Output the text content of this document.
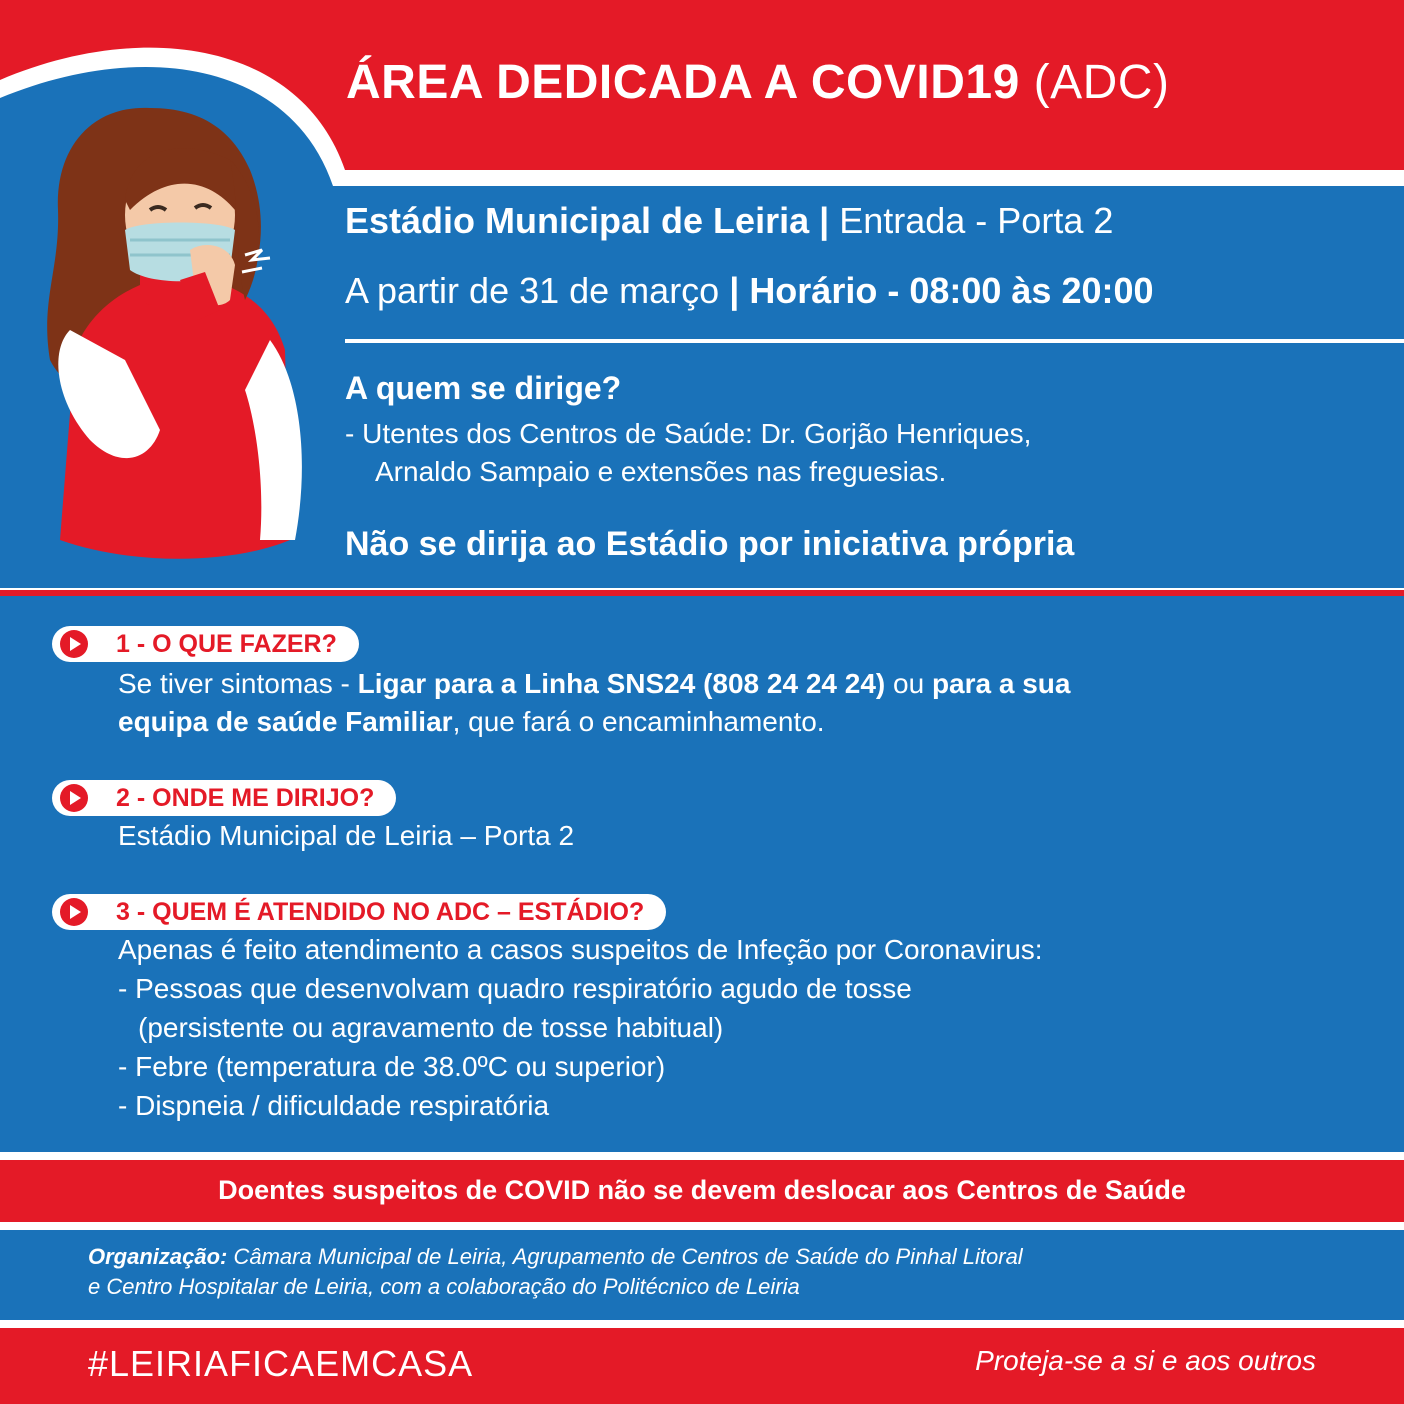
ÁREA DEDICADA A COVID19 (ADC)
Estádio Municipal de Leiria | Entrada - Porta 2
A partir de 31 de março | Horário - 08:00 às 20:00
A quem se dirige?
- Utentes dos Centros de Saúde: Dr. Gorjão Henriques,
Arnaldo Sampaio e extensões nas freguesias.
Não se dirija ao Estádio por iniciativa própria
1 - O QUE FAZER?
Se tiver sintomas - Ligar para a Linha SNS24 (808 24 24 24) ou para a sua
equipa de saúde Familiar, que fará o encaminhamento.
2 - ONDE ME DIRIJO?
Estádio Municipal de Leiria – Porta 2
3 - QUEM É ATENDIDO NO ADC – ESTÁDIO?
Apenas é feito atendimento a casos suspeitos de Infeção por Coronavirus:
- Pessoas que desenvolvam quadro respiratório agudo de tosse
(persistente ou agravamento de tosse habitual)
- Febre (temperatura de 38.0ºC ou superior)
- Dispneia / dificuldade respiratória
Doentes suspeitos de COVID não se devem deslocar aos Centros de Saúde
Organização: Câmara Municipal de Leiria, Agrupamento de Centros de Saúde do Pinhal Litoral
e Centro Hospitalar de Leiria, com a colaboração do Politécnico de Leiria
#LEIRIAFICAEMCASA	Proteja-se a si e aos outros
